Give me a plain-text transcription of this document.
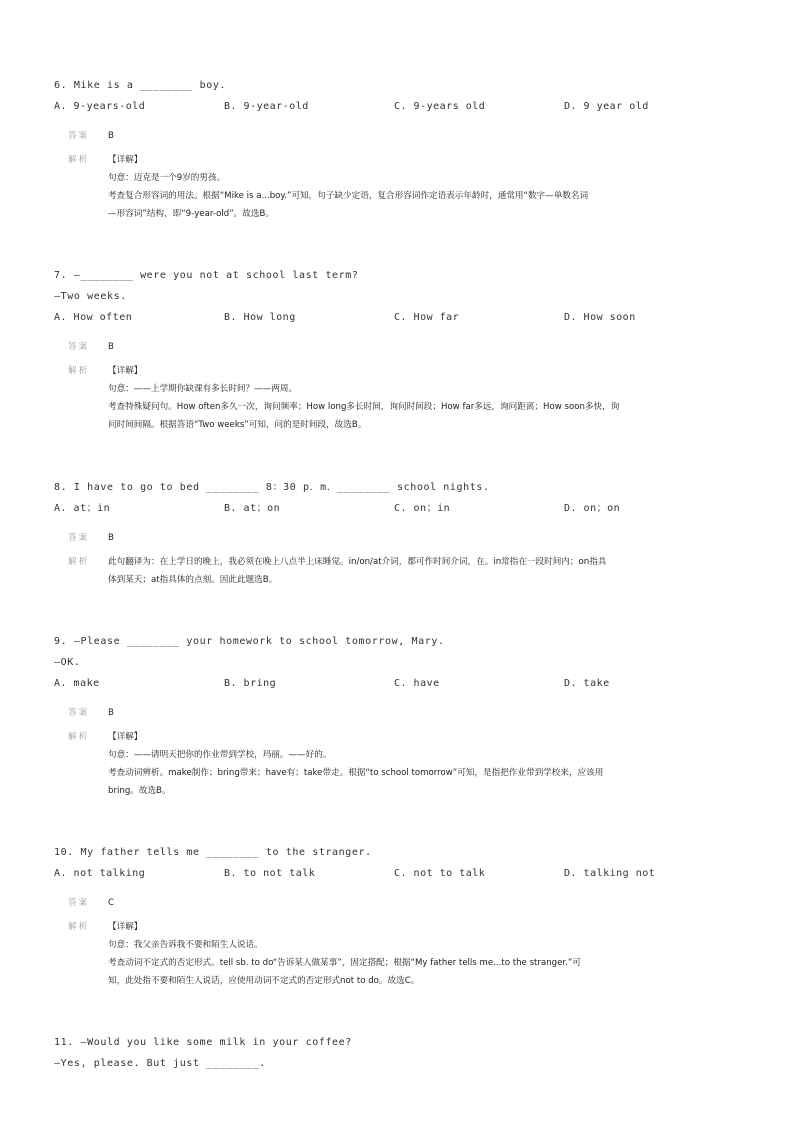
6. Mike is a ________ boy.
A. 9-years-old	B. 9-year-old	C. 9-years old	D. 9 year old
答案 B
解析 【详解】

句意：迈克是一个9岁的男孩。

考查复合形容词的用法。根据“Mike is a...boy.”可知，句子缺少定语，复合形容词作定语表示年龄时，通常用“数字—单数名词

—形容词”结构，即“9-year-old”。故选B。

7. —________ were you not at school last term?
—Two weeks.
A. How often	B. How long	C. How far	D. How soon
答案 B
解析 【详解】

句意：——上学期你缺课有多长时间？——两周。

考查特殊疑问句。How often多久一次，询问频率；How long多长时间，询问时间段；How far多远，询问距离；How soon多快，询

问时间间隔。根据答语“Two weeks”可知，问的是时间段，故选B。

8. I have to go to bed ________ 8：30 p．m．________ school nights.
A. at；in	B. at；on	C. on；in	D. on；on
答案 B
解析 此句翻译为：在上学日的晚上，我必须在晚上八点半上床睡觉。in/on/at介词，都可作时间介词，在。in常指在一段时间内；on指具

体到某天；at指具体的点刻。因此此题选B。

9. —Please ________ your homework to school tomorrow, Mary.
—OK.
A. make	B. bring	C. have	D. take
答案 B
解析 【详解】

句意：——请明天把你的作业带到学校，玛丽。——好的。

考查动词辨析。make制作；bring带来；have有；take带走。根据“to school tomorrow”可知，是指把作业带到学校来，应该用

bring。故选B。

10. My father tells me ________ to the stranger.
A. not talking	B. to not talk	C. not to talk	D. talking not
答案 C
解析 【详解】

句意：我父亲告诉我不要和陌生人说话。

考查动词不定式的否定形式。tell sb. to do“告诉某人做某事”，固定搭配；根据“My father tells me...to the stranger.”可

知，此处指不要和陌生人说话，应使用动词不定式的否定形式not to do。故选C。

11. —Would you like some milk in your coffee?
—Yes, please. But just ________.
